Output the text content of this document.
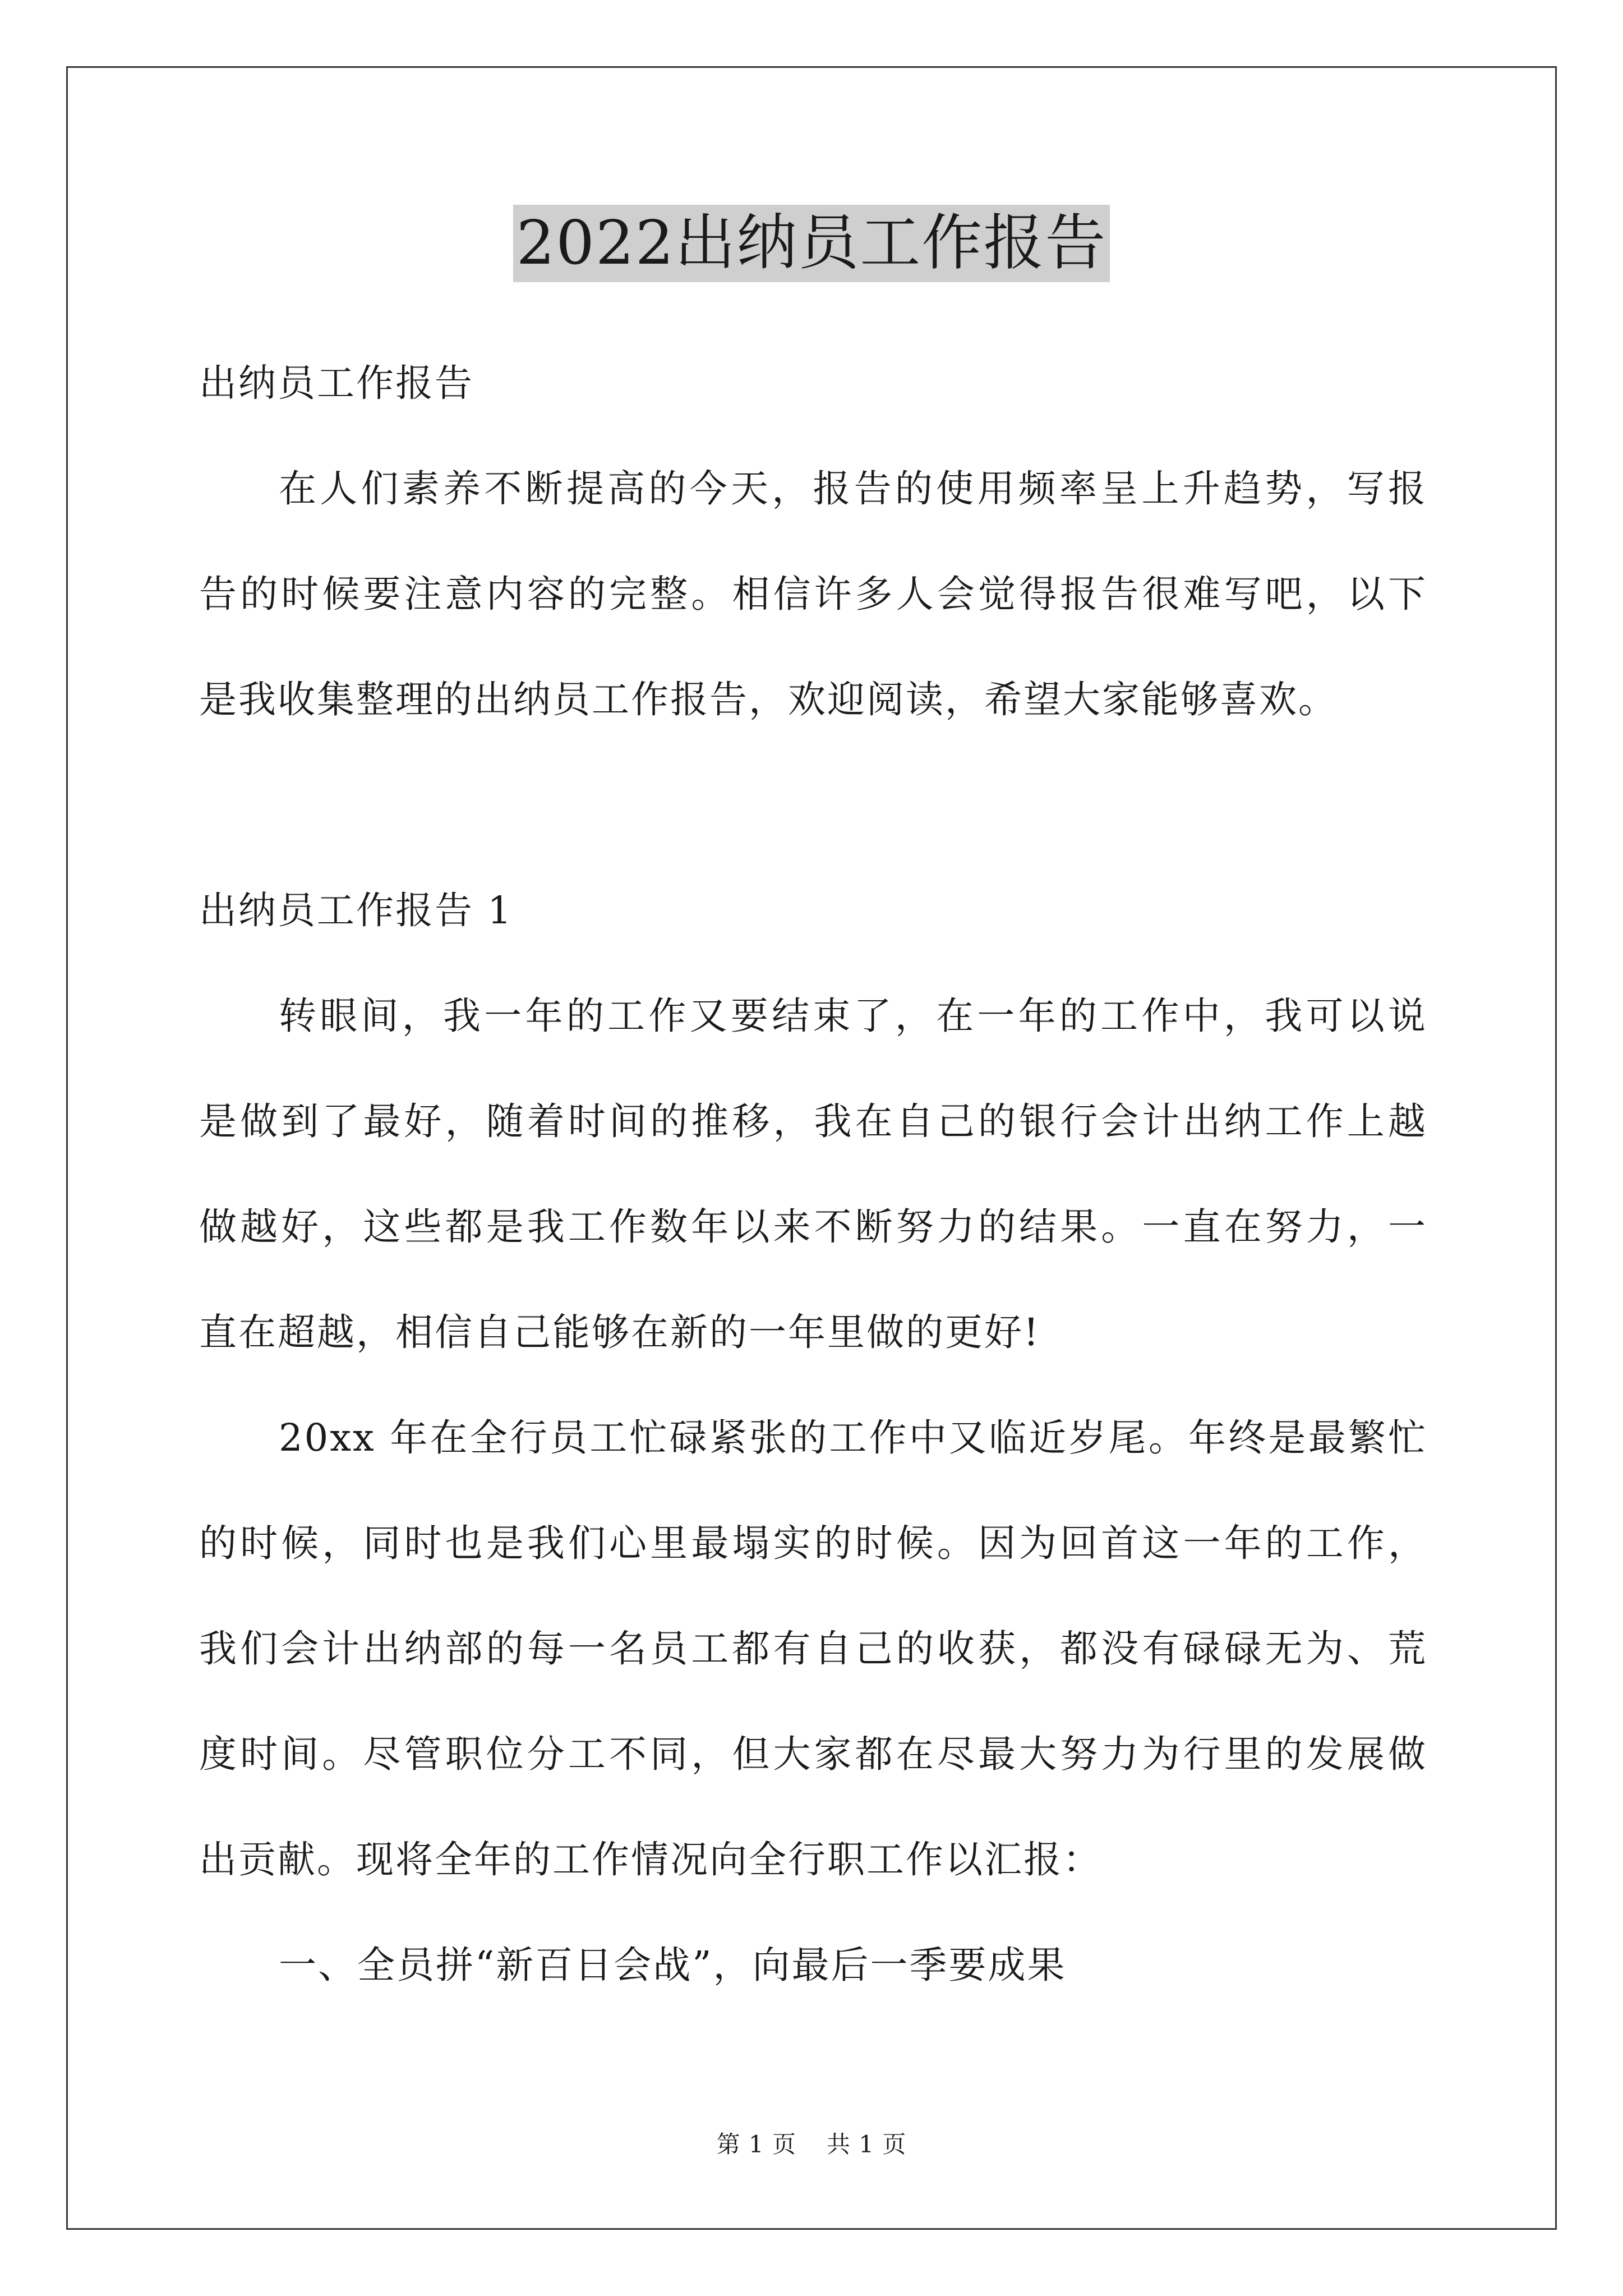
2022出纳员工作报告
出纳员工作报告
在人们素养不断提高的今天，报告的使用频率呈上升趋势，写报
告的时候要注意内容的完整。相信许多人会觉得报告很难写吧，以下
是我收集整理的出纳员工作报告，欢迎阅读，希望大家能够喜欢。
出纳员工作报告 1
转眼间，我一年的工作又要结束了，在一年的工作中，我可以说
是做到了最好，随着时间的推移，我在自己的银行会计出纳工作上越
做越好，这些都是我工作数年以来不断努力的结果。一直在努力，一
直在超越，相信自己能够在新的一年里做的更好!
20xx 年在全行员工忙碌紧张的工作中又临近岁尾。年终是最繁忙
的时候，同时也是我们心里最塌实的时候。因为回首这一年的工作，
我们会计出纳部的每一名员工都有自己的收获，都没有碌碌无为、荒
度时间。尽管职位分工不同，但大家都在尽最大努力为行里的发展做
出贡献。现将全年的工作情况向全行职工作以汇报：
一、全员拼“新百日会战”，向最后一季要成果
第 1 页 共 1 页
